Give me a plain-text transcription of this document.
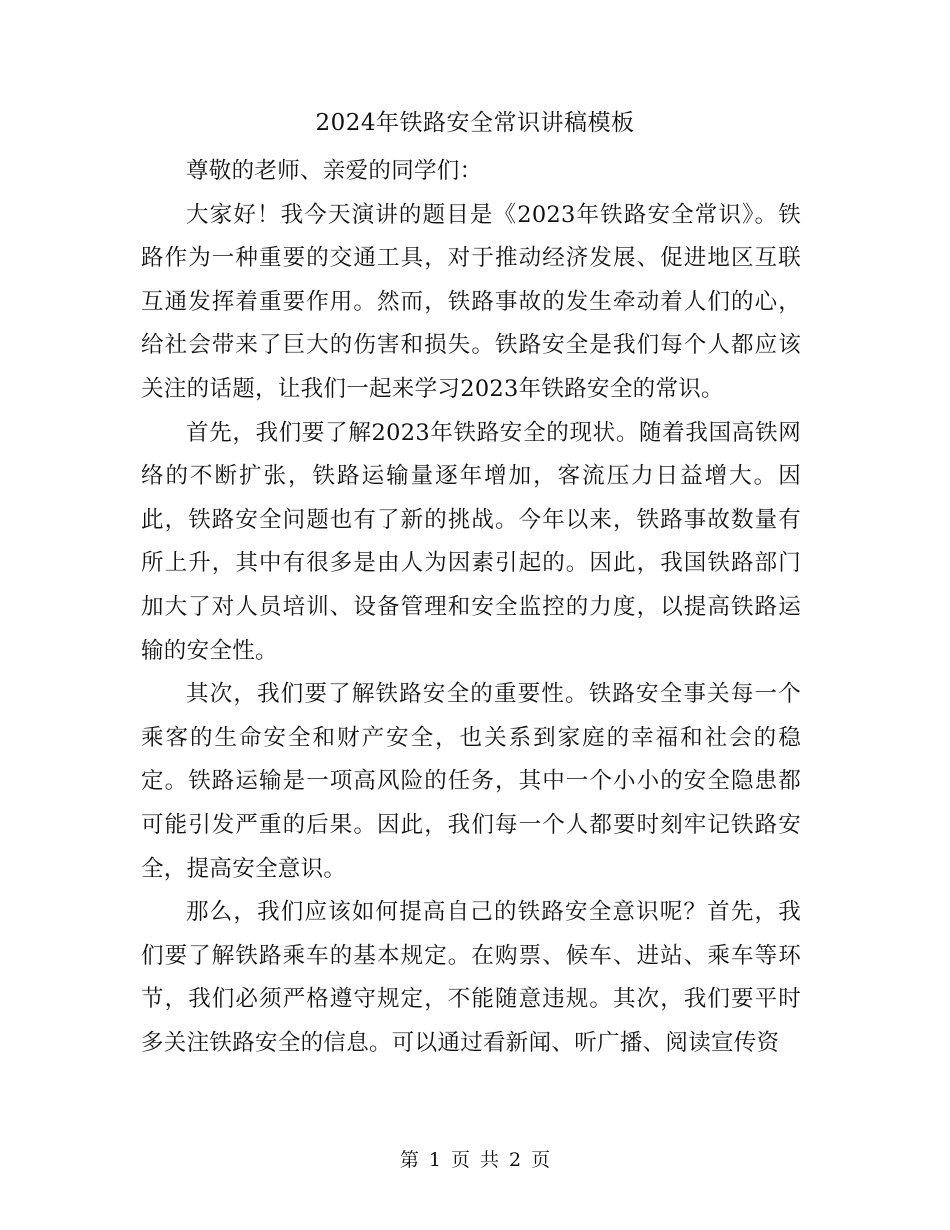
2024年铁路安全常识讲稿模板

尊敬的老师、亲爱的同学们：

大家好！我今天演讲的题目是《2023年铁路安全常识》。铁路作为一种重要的交通工具，对于推动经济发展、促进地区互联互通发挥着重要作用。然而，铁路事故的发生牵动着人们的心，给社会带来了巨大的伤害和损失。铁路安全是我们每个人都应该关注的话题，让我们一起来学习2023年铁路安全的常识。

首先，我们要了解2023年铁路安全的现状。随着我国高铁网络的不断扩张，铁路运输量逐年增加，客流压力日益增大。因此，铁路安全问题也有了新的挑战。今年以来，铁路事故数量有所上升，其中有很多是由人为因素引起的。因此，我国铁路部门加大了对人员培训、设备管理和安全监控的力度，以提高铁路运输的安全性。

其次，我们要了解铁路安全的重要性。铁路安全事关每一个乘客的生命安全和财产安全，也关系到家庭的幸福和社会的稳定。铁路运输是一项高风险的任务，其中一个小小的安全隐患都可能引发严重的后果。因此，我们每一个人都要时刻牢记铁路安全，提高安全意识。

那么，我们应该如何提高自己的铁路安全意识呢？首先，我们要了解铁路乘车的基本规定。在购票、候车、进站、乘车等环节，我们必须严格遵守规定，不能随意违规。其次，我们要平时多关注铁路安全的信息。可以通过看新闻、听广播、阅读宣传资

第 1 页 共 2 页
